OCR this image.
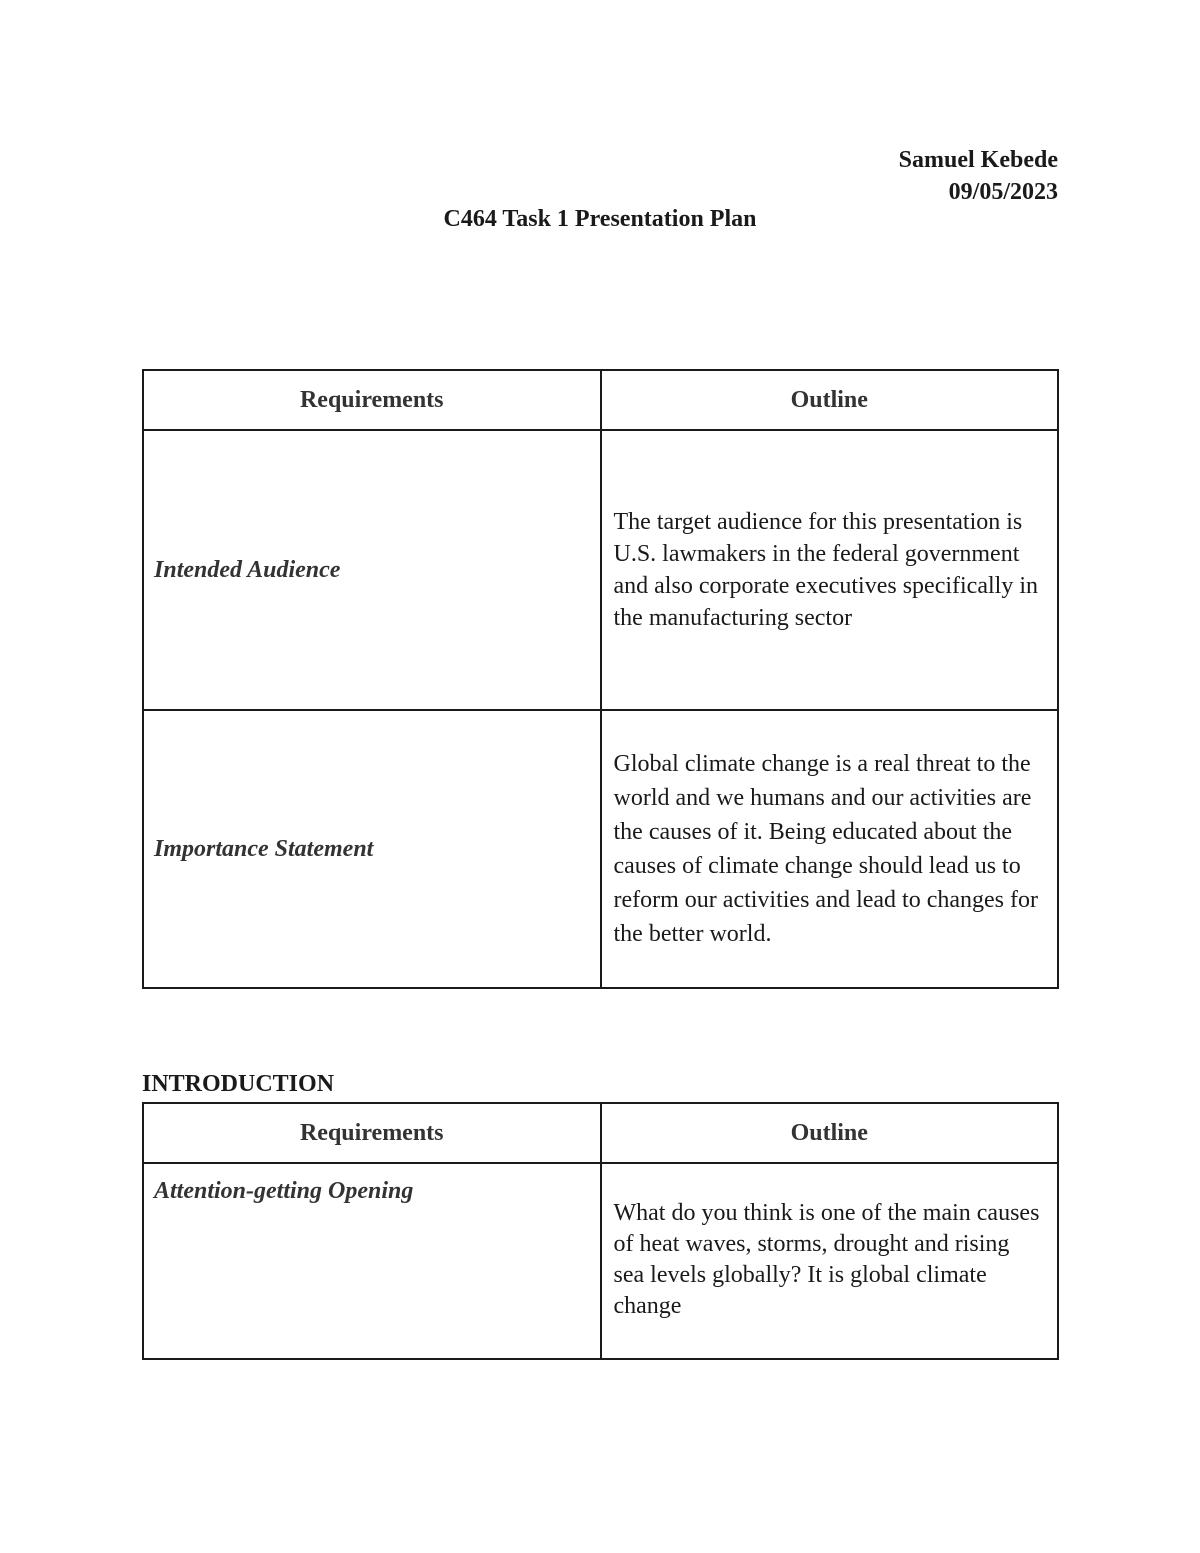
Samuel Kebede
09/05/2023
C464 Task 1 Presentation Plan
Requirements	Outline
Intended Audience	The target audience for this presentation is U.S. lawmakers in the federal government and also corporate executives specifically in the manufacturing sector
Importance Statement	Global climate change is a real threat to the world and we humans and our activities are the causes of it. Being educated about the causes of climate change should lead us to reform our activities and lead to changes for the better world.
INTRODUCTION
Requirements	Outline
Attention-getting Opening	What do you think is one of the main causes of heat waves, storms, drought and rising sea levels globally? It is global climate change
